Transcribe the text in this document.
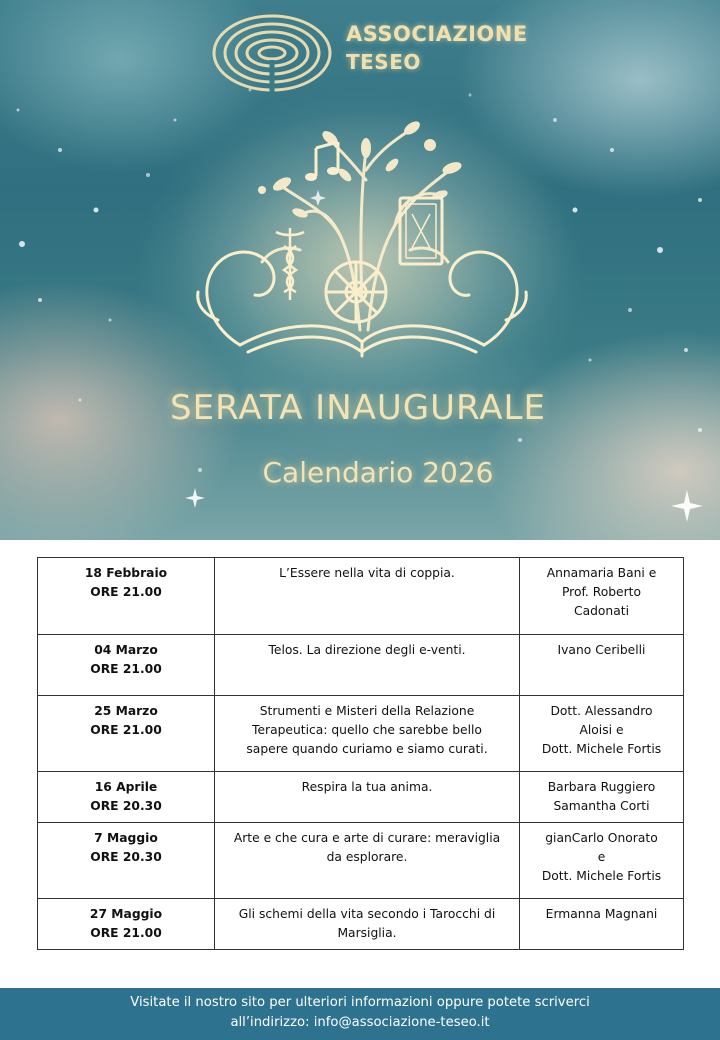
ASSOCIAZIONE
TESEO
SERATA INAUGURALE
Calendario 2026
18 Febbraio
ORE 21.00	L’Essere nella vita di coppia.	Annamaria Bani e
Prof. Roberto
Cadonati

04 Marzo
ORE 21.00	Telos. La direzione degli e-venti.	Ivano Ceribelli

25 Marzo
ORE 21.00	Strumenti e Misteri della Relazione
Terapeutica: quello che sarebbe bello
sapere quando curiamo e siamo curati.	Dott. Alessandro
Aloisi e
Dott. Michele Fortis

16 Aprile
ORE 20.30	Respira la tua anima.	Barbara Ruggiero
Samantha Corti

7 Maggio
ORE 20.30	Arte e che cura e arte di curare: meraviglia
da esplorare.	gianCarlo Onorato
e
Dott. Michele Fortis

27 Maggio
ORE 21.00	Gli schemi della vita secondo i Tarocchi di
Marsiglia.	Ermanna Magnani
Visitate il nostro sito per ulteriori informazioni oppure potete scriverci
all’indirizzo: info@associazione-teseo.it
